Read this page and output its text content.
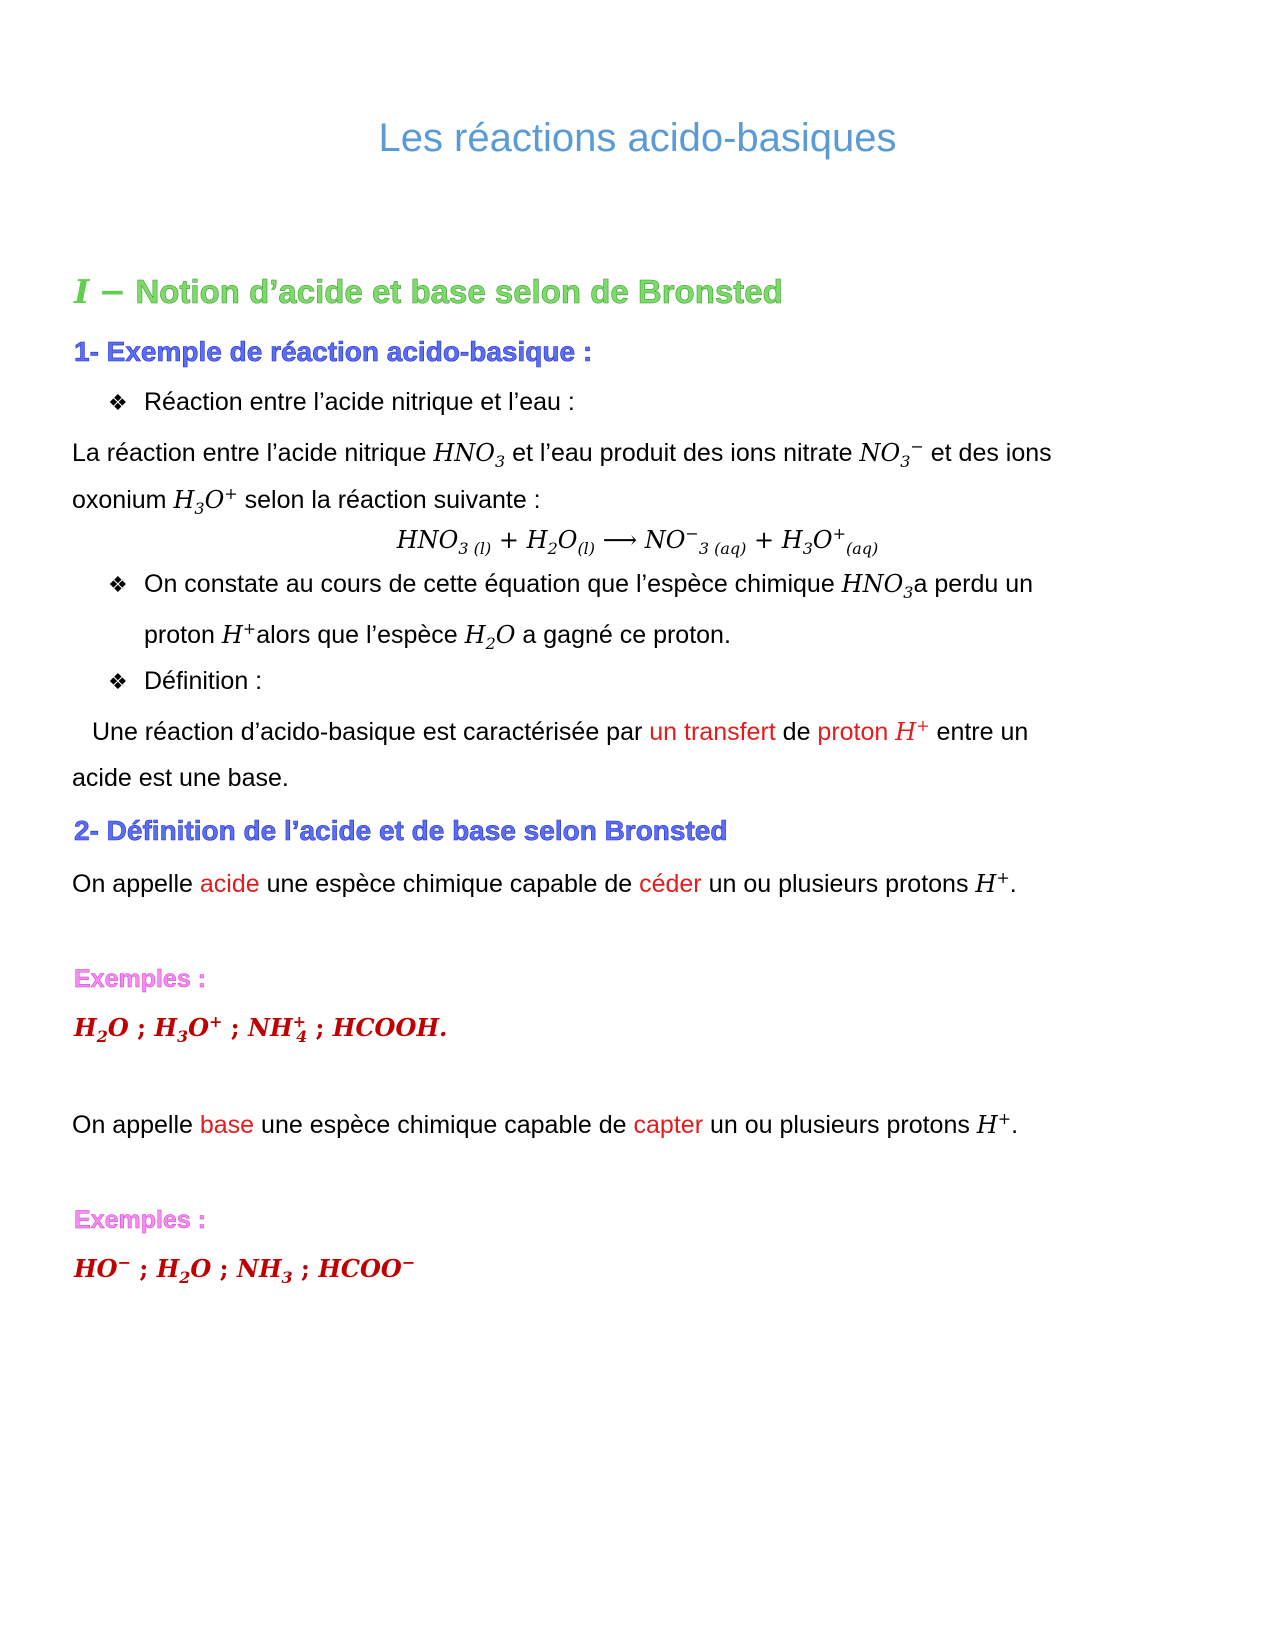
Les réactions acido-basiques
I − Notion d’acide et base selon de Bronsted
1- Exemple de réaction acido-basique :
❖ Réaction entre l’acide nitrique et l’eau :
La réaction entre l’acide nitrique $HNO_3$ et l’eau produit des ions nitrate $NO_3^-$ et des ions
oxonium $H_3O^+$ selon la réaction suivante :
$HNO_{3 (l)} + H_2O_{(l)}$ ⟶ $NO^-_{3 (aq)} + H_3O^+_{(aq)}$
❖ On constate au cours de cette équation que l’espèce chimique $HNO_3a$ perdu un
proton H+alors que l’espèce $H_2O$ a gagné ce proton.
❖ Définition :
Une réaction d’acido-basique est caractérisée par un transfert de proton H+ entre un
acide est une base.
2- Définition de l’acide et de base selon Bronsted
On appelle acide une espèce chimique capable de céder un ou plusieurs protons H+.
Exemples :
$H_2O$ ; $H_3O^+$ ; $NH^+_4$ ; HCOOH.
On appelle base une espèce chimique capable de capter un ou plusieurs protons H+.
Exemples :
HO− ; $H_2O$ ; $NH_3$ ; HCOO−
